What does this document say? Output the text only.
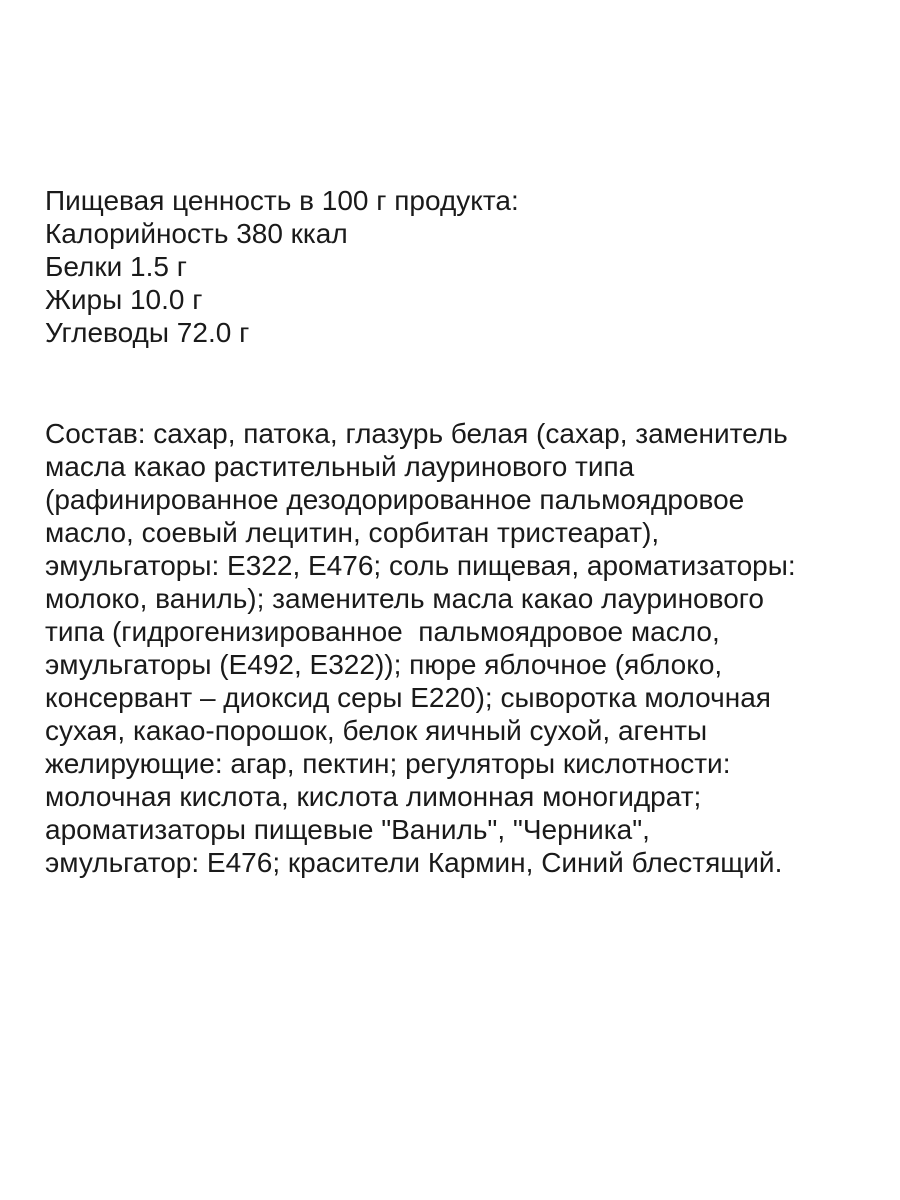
Пищевая ценность в 100 г продукта:
Калорийность 380 ккал
Белки 1.5 г
Жиры 10.0 г
Углеводы 72.0 г
Состав: сахар, патока, глазурь белая (сахар, заменитель
масла какао растительный лауринового типа
(рафинированное дезодорированное пальмоядровое
масло, соевый лецитин, сорбитан тристеарат),
эмульгаторы: Е322, Е476; соль пищевая, ароматизаторы:
молоко, ваниль); заменитель масла какао лауринового
типа (гидрогенизированное  пальмоядровое масло,
эмульгаторы (Е492, Е322)); пюре яблочное (яблоко,
консервант – диоксид серы Е220); сыворотка молочная
сухая, какао-порошок, белок яичный сухой, агенты
желирующие: агар, пектин; регуляторы кислотности:
молочная кислота, кислота лимонная моногидрат;
ароматизаторы пищевые "Ваниль", "Черника",
эмульгатор: Е476; красители Кармин, Синий блестящий.
